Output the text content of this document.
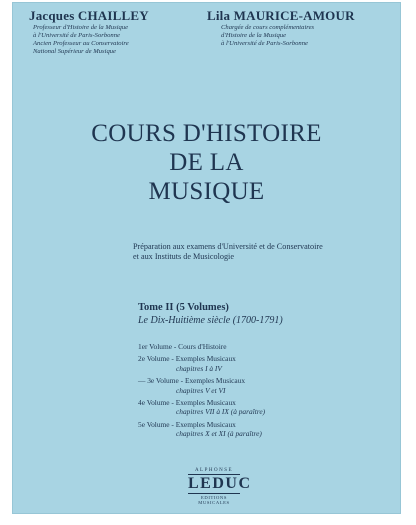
Jacques CHAILLEY
Professeur d'Histoire de la Musique
à l'Université de Paris-Sorbonne
Ancien Professeur au Conservatoire
National Supérieur de Musique
Lila MAURICE-AMOUR
Chargée de cours complémentaires
d'Histoire de la Musique
à l'Université de Paris-Sorbonne
COURS D'HISTOIRE
DE LA
MUSIQUE
Préparation aux examens d'Université et de Conservatoire
et aux Instituts de Musicologie
Tome II (5 Volumes)
Le Dix-Huitième siècle (1700-1791)
1er Volume - Cours d'Histoire
2e Volume - Exemples Musicaux
chapitres I à IV
— 3e Volume - Exemples Musicaux
chapitres V et VI
4e Volume - Exemples Musicaux
chapitres VII à IX (à paraître)
5e Volume - Exemples Musicaux
chapitres X et XI (à paraître)
ALPHONSE
LEDUC
EDITIONS MUSICALES
